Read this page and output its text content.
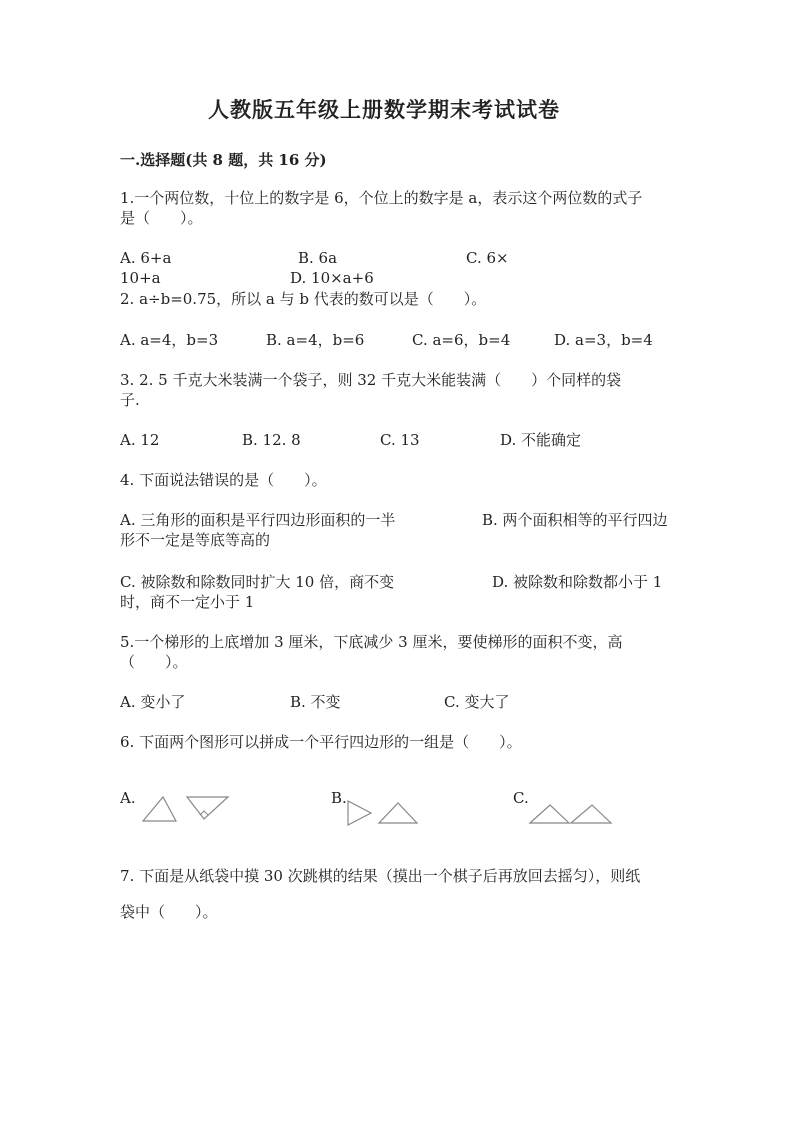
人教版五年级上册数学期末考试试卷
一.选择题(共 8 题，共 16 分)
1.一个两位数，十位上的数字是 6，个位上的数字是 a，表示这个两位数的式子
是（　　）。
A. 6+a	B. 6a	C. 6×
10+a	D. 10×a+6
2. a÷b=0.75，所以 a 与 b 代表的数可以是（　　）。
A. a=4，b=3	B. a=4，b=6	C. a=6，b=4	D. a=3，b=4
3. 2. 5 千克大米装满一个袋子，则 32 千克大米能装满（　　）个同样的袋
子.
A. 12	B. 12. 8	C. 13	D. 不能确定
4. 下面说法错误的是（　　）。
A. 三角形的面积是平行四边形面积的一半	B. 两个面积相等的平行四边
形不一定是等底等高的
C. 被除数和除数同时扩大 10 倍，商不变	D. 被除数和除数都小于 1
时，商不一定小于 1
5.一个梯形的上底增加 3 厘米，下底减少 3 厘米，要使梯形的面积不变，高
（　　）。
A. 变小了	B. 不变	C. 变大了
6. 下面两个图形可以拼成一个平行四边形的一组是（　　）。
A.	B.	C.
7. 下面是从纸袋中摸 30 次跳棋的结果（摸出一个棋子后再放回去摇匀），则纸
袋中（　　）。
